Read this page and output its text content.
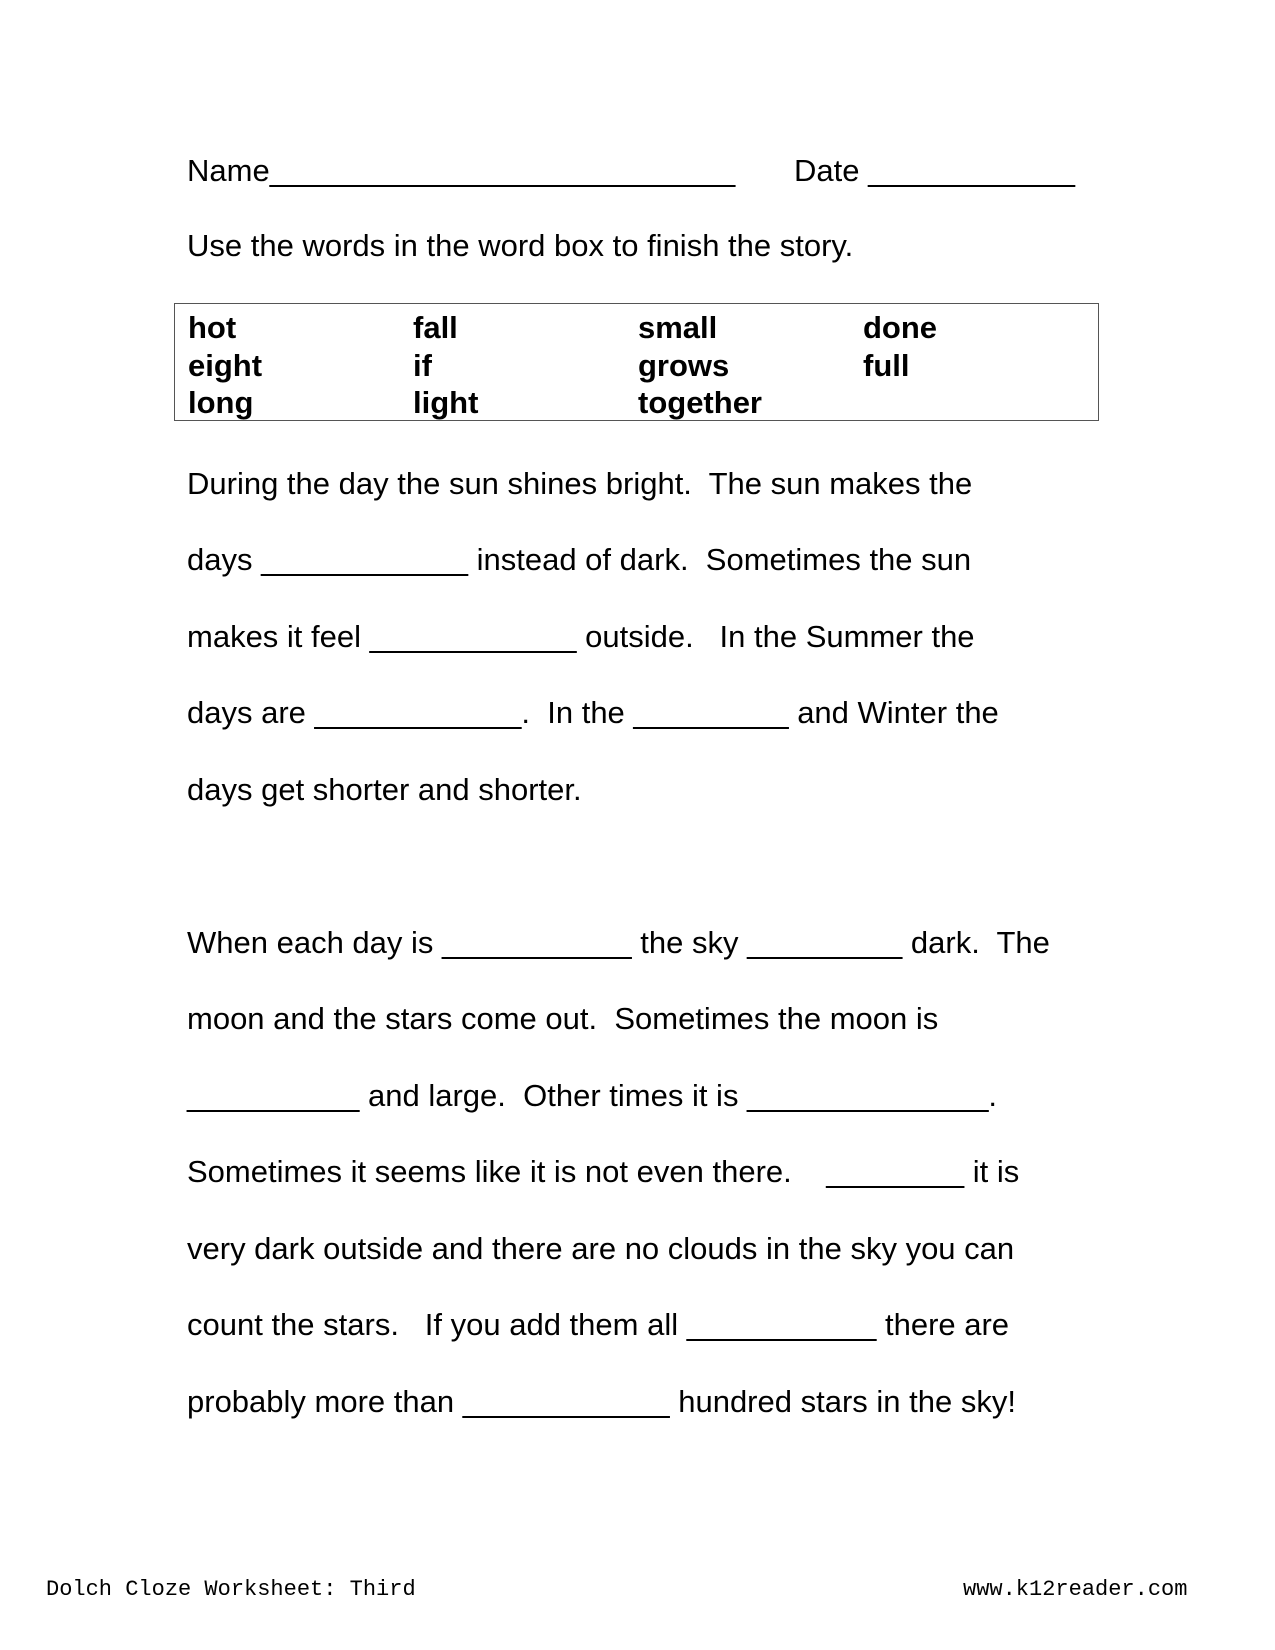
Name___________________________ Date ____________
Use the words in the word box to finish the story.
hot	fall	small	done
eight	if	grows	full
long	light	together
During the day the sun shines bright.  The sun makes the
days ____________ instead of dark.  Sometimes the sun
makes it feel ____________ outside.   In the Summer the
days are ____________.  In the _________ and Winter the
days get shorter and shorter.
When each day is ___________ the sky _________ dark.  The
moon and the stars come out.  Sometimes the moon is
__________ and large.  Other times it is ______________.
Sometimes it seems like it is not even there.    ________ it is
very dark outside and there are no clouds in the sky you can
count the stars.   If you add them all ___________ there are
probably more than ____________ hundred stars in the sky!
Dolch Cloze Worksheet: Third	www.k12reader.com
